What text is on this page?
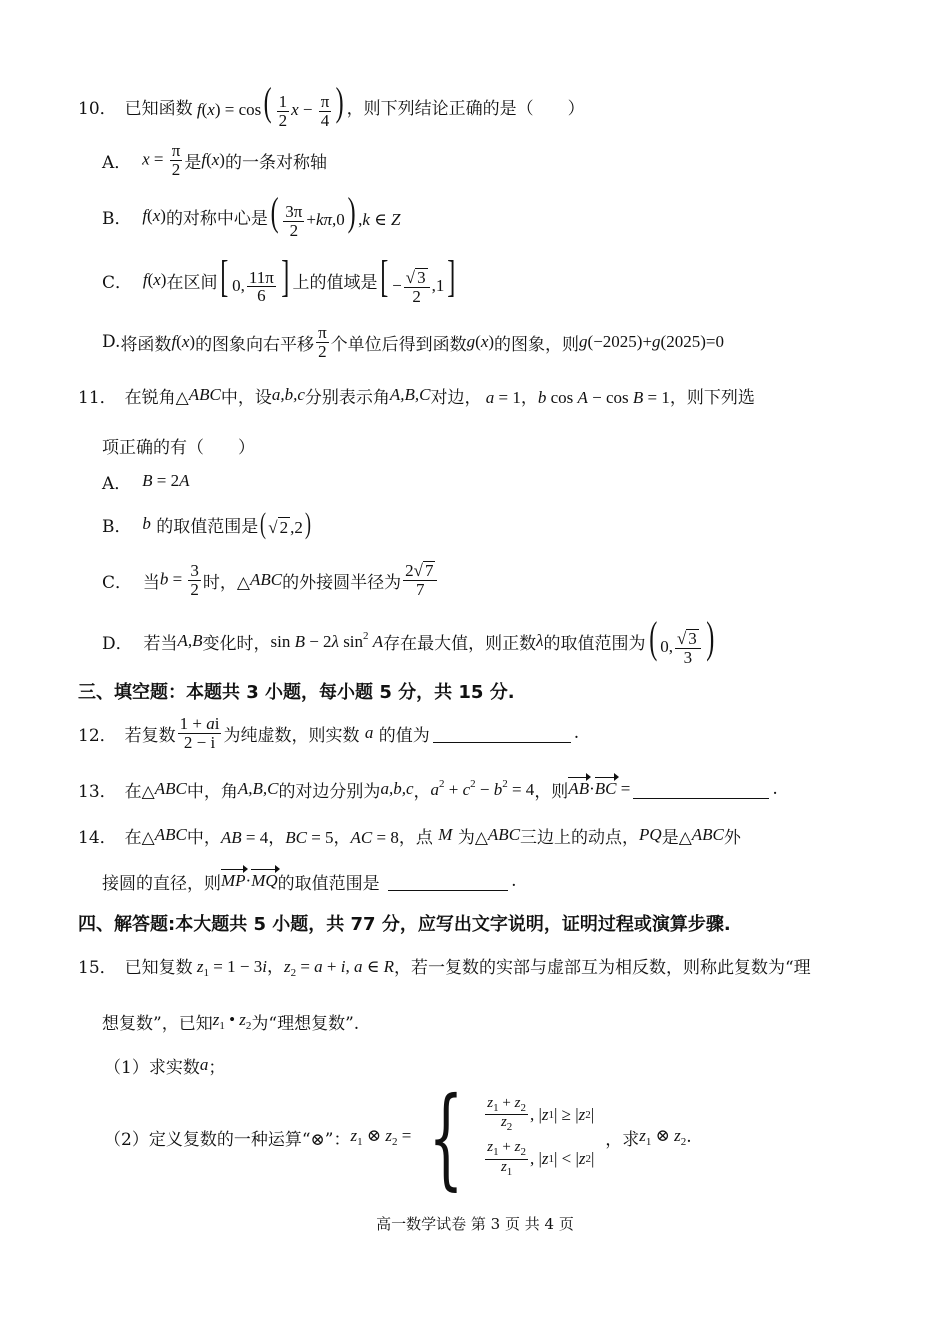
10． 已知函数 $f(x) = \cos( \frac{1}{2}$ $x - \frac{\pi}{4}$ ) ，则下列结论正确的是（　　）
A．
$x = \frac{\pi}{2}$ 是 f(x) 的一条对称轴
B．
f(x) 的对称中心是 ( $\frac{3\pi}{2} +k\pi,0$) ,k ∈ Z
C．
f(x) 在区间 [ 0, $\frac{11\pi}{6}$ ] 上的值域是 [ − $\frac{√ 3}{2} ,1$]
D. 将函数 f(x) 的图象向右平移 $\frac{\pi}{2}$ 个单位后得到函数 g(x) 的图象，则 g(−2025)+g(2025)=0
11． 在锐角△ ABC 中，设 a,b,c 分别表示角 A,B,C 对边， a = 1，b cos A − cos B = 1 ，则下列选
项正确的有（　　）
A．
B = 2A
B．
b
的取值范围是 ( √ 2 ,2)
C．
当 $b = \frac{3}{2}$ 时，△ ABC 的外接圆半径为 $\frac{2√ 7}{7}$
D．
若当 A,B 变化时， sin B − 2λ $\sin^2 A$ 存在最大值，则正数 λ 的取值范围为 ( 0, $\frac{√ 3}{3}$ )
三、填空题：本题共 3 小题，每小题 5 分，共 15 分.
12． 若复数 $\frac{1 + ai}{2 - i}$ 为纯虚数，则实数
a
的值为	.
13． 在△ ABC 中，角 A,B,C 的对边分别为 a,b,c ， $a^2 + c^2 - b^2 = 4$ ，则 AB·BC =	.
14． 在△ ABC 中， AB = 4，BC = 5，AC = 8 ，点
M
为△ ABC 三边上的动点， PQ 是△ ABC 外
接圆的直径，则 MP·MQ 的取值范围是
	.
四、解答题:本大题共 5 小题，共 77 分，应写出文字说明，证明过程或演算步骤.
15． 已知复数 $z_1 = 1 - 3i$，$z_2 = a + i$, a ∈ R ，若一复数的实部与虚部互为相反数，则称此复数为“理
想复数”，已知 $z_1$ • $z_2$ 为“理想复数”.
（1）求实数 a ；
（2）定义复数的一种运算“⊗”： $z_1$ ⊗ $z_2$ = { $\frac{z_1 + z_2}{z_2}$ , | z 1 | ≥ | z 2 |
$\frac{z_1 + z_2}{z_1}$ , | z 1 | < | z 2 |

，求 $z_1$ ⊗ $z_2$ .
高一数学试卷 第 3 页 共 4 页
